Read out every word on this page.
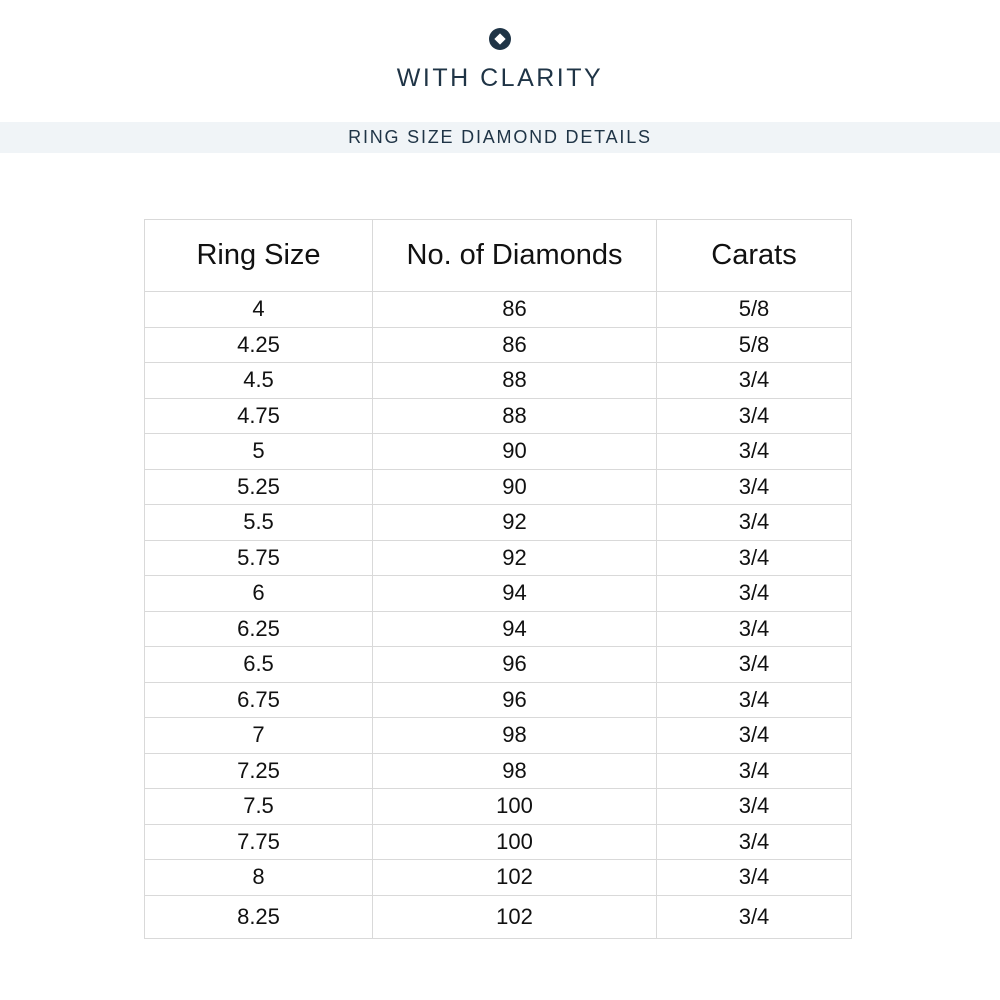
WITH CLARITY
RING SIZE DIAMOND DETAILS
Ring Size	No. of Diamonds	Carats
4	86	5/8
4.25	86	5/8
4.5	88	3/4
4.75	88	3/4
5	90	3/4
5.25	90	3/4
5.5	92	3/4
5.75	92	3/4
6	94	3/4
6.25	94	3/4
6.5	96	3/4
6.75	96	3/4
7	98	3/4
7.25	98	3/4
7.5	100	3/4
7.75	100	3/4
8	102	3/4
8.25	102	3/4
